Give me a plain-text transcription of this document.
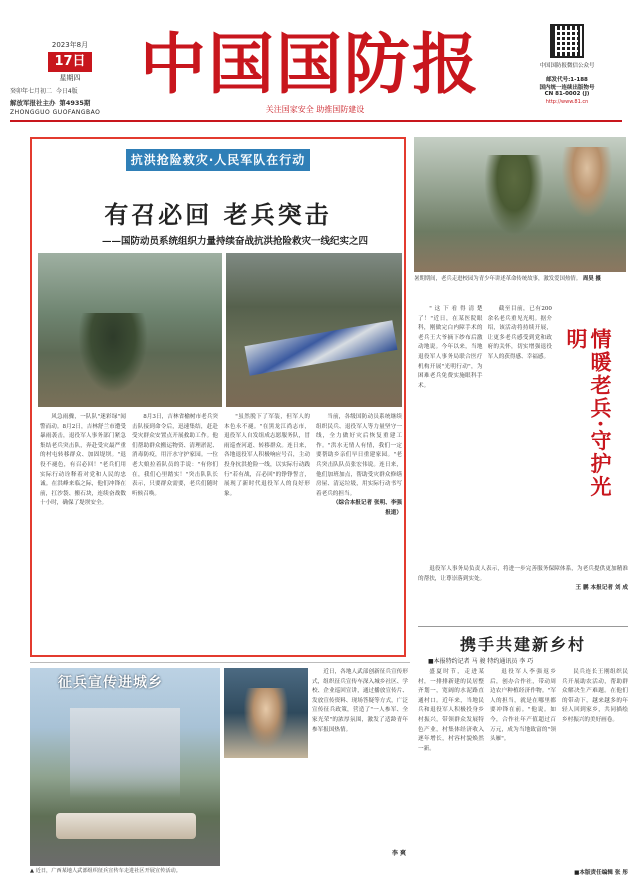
2023年8月
17日
星期四
癸卯年七月初二 今日4版
解放军报社主办 第4935期
ZHONGGUO GUOFANGBAO
中国国防报
关注国家安全 助推国防建设
中国国防报微信公众号
邮发代号:1-188
国内统一连续出版物号
CN 81-0002 (J)
http://www.81.cn
抗洪抢险救灾·人民军队在行动
有召必回 老兵突击
——国防动员系统组织力量持续奋战抗洪抢险救灾一线纪实之四

风急雨骤，一队队"迷彩绿"闻警而动。8月2日，吉林舒兰市遭受暴雨袭击，退役军人事务部门紧急集结老兵突击队，奔赴受灾最严重的村屯转移群众、加固堤坝。"退役不褪色，有召必回！"老兵们用实际行动诠释着对党和人民的忠诚。在洪峰来临之际，他们冲锋在前，扛沙袋、搬石块，连续奋战数十小时，确保了堤坝安全。

8月3日，吉林省榆树市老兵突击队接到命令后，迅速集结，赶赴受灾群众安置点开展救助工作。他们帮助群众搬运物资、清理淤泥、消毒防疫，用汗水守护家园。一位老大娘拉着队员的手说："有你们在，我们心里踏实！"突击队队长表示，只要群众需要，老兵们随时听候召唤。

"虽然脱下了军装，但军人的本色永不褪。"在黑龙江尚志市，退役军人自发组成志愿服务队，冒雨巡查河道、转移群众。连日来，各地退役军人积极响应号召，主动投身抗洪抢险一线，以实际行动践行"若有战，召必回"的铮铮誓言，展现了新时代退役军人的良好形象。

当前，各级国防动员系统继续组织民兵、退役军人等力量坚守一线，全力做好灾后恢复重建工作。"洪水无情人有情，我们一定要帮助乡亲们早日重建家园。"老兵突击队队员张宏伟说。连日来，他们加班加点，帮助受灾群众修缮房屋、清运垃圾，用实际行动书写着老兵的担当。

（综合本报记者 张明、李强 报道）

暑期期间，老兵走进校园为青少年讲述革命传统故事，激发爱国热情。 周昊 摄

"这下看得清楚了！"近日，在某医院眼科，刚做完白内障手术的老兵王大爷摘下纱布后激动地说。今年以来，当地退役军人事务局联合医疗机构开展"光明行动"，为困难老兵免费实施眼科手术。

截至目前，已有200余名老兵重见光明。据介绍，该活动将持续开展，让更多老兵感受到党和政府的关怀，切实增强退役军人的获得感、幸福感。	情暖老兵·守护光明

退役军人事务局负责人表示，将进一步完善服务保障体系，为老兵提供更加精准的帮扶，让尊崇落到实处。

王 鹏 本报记者 刘 成

携手共建新乡村
■本报特约记者 马 骏 特约通讯员 李 巧

盛夏时节，走进某村，一排排新建的民居整齐划一，宽阔的水泥路直通村口。近年来，当地民兵和退役军人积极投身乡村振兴，带领群众发展特色产业，村集体经济收入逐年增长，村容村貌焕然一新。

退役军人李强返乡后，创办合作社，带动周边农户种植经济作物。"军人的担当，就是在哪里都要冲锋在前。"他说。如今，合作社年产值超过百万元，成为当地致富的"领头雁"。

民兵连长王刚组织民兵开展助农活动，帮助群众解决生产难题。在他们的带动下，越来越多的年轻人回到家乡，共同描绘乡村振兴的美好画卷。

■本版责任编辑 张 彤
征兵宣传进城乡

近日，各地人武部创新征兵宣传形式，组织征兵宣传车深入城乡社区、学校、企业巡回宣讲，通过播放宣传片、发放宣传资料、现场答疑等方式，广泛宣传征兵政策，营造了"一人参军、全家光荣"的浓厚氛围，激发了适龄青年参军报国热情。

李 爽
▲ 近日，广西某地人武部组织征兵宣传车走进社区开展宣传活动。
